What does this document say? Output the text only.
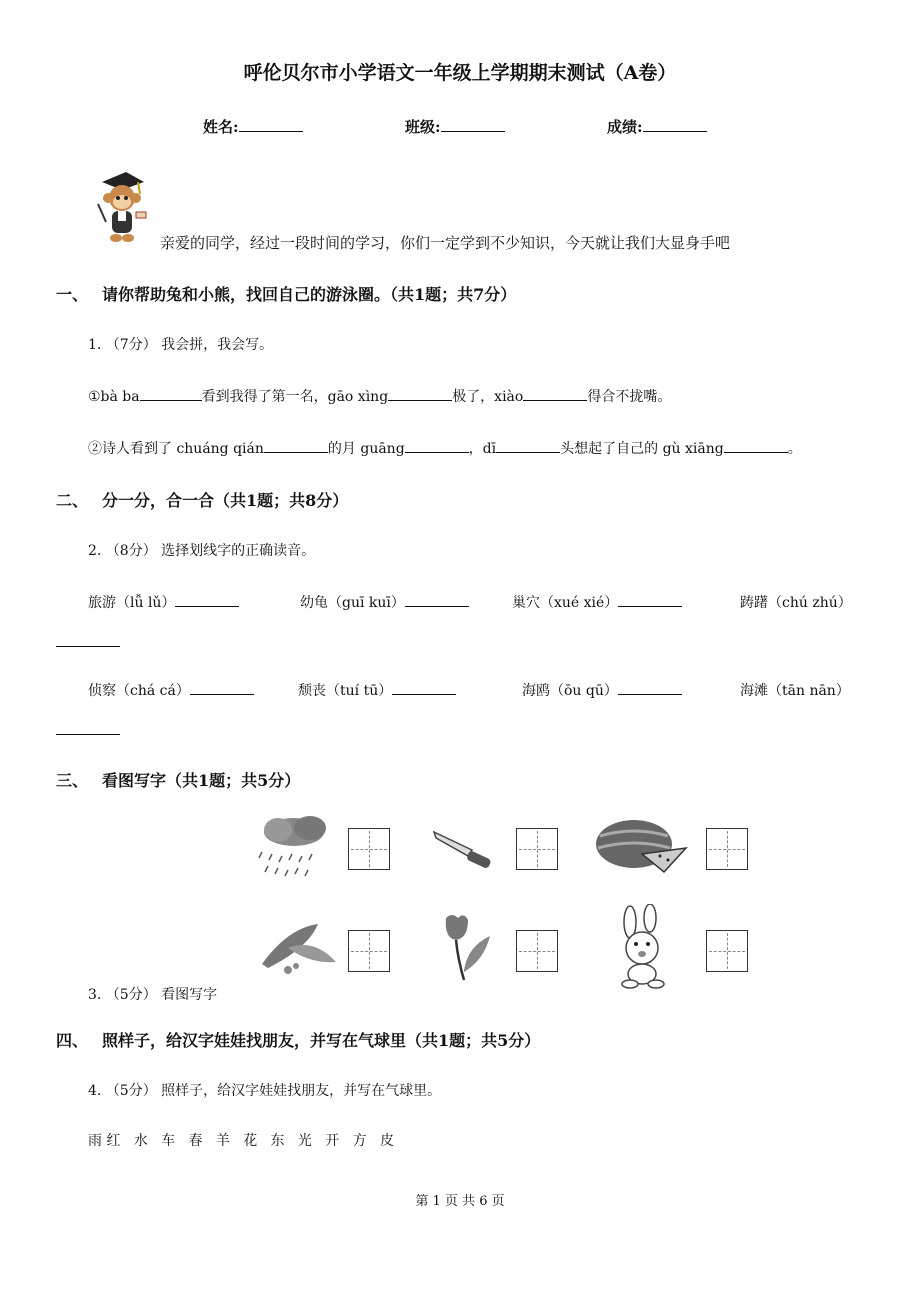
呼伦贝尔市小学语文一年级上学期期末测试（A卷）
姓名:	班级:	成绩:
亲爱的同学，经过一段时间的学习，你们一定学到不少知识，今天就让我们大显身手吧
一、 请你帮助兔和小熊，找回自己的游泳圈。（共1题；共7分）
1. （7分） 我会拼，我会写。
①bà ba	看到我得了第一名，gāo xìng	极了，xiào	得合不拢嘴。
②诗人看到了 chuáng qián	的月 guāng	，dī	头想起了自己的 gù xiāng	。
二、 分一分，合一合（共1题；共8分）
2. （8分） 选择划线字的正确读音。
旅游（lǚ lǔ）	幼龟（guī kuī）	巢穴（xué xié）	踌躇（chú zhú）
侦察（chá cá）	颓丧（tuí tū）	海鸥（ōu qū）	海滩（tān nān）
三、 看图写字（共1题；共5分）
3. （5分） 看图写字
四、 照样子，给汉字娃娃找朋友，并写在气球里（共1题；共5分）
4. （5分） 照样子，给汉字娃娃找朋友，并写在气球里。
雨 红   水   车   春   羊   花   东   光   开   方   皮
第 1 页 共 6 页
